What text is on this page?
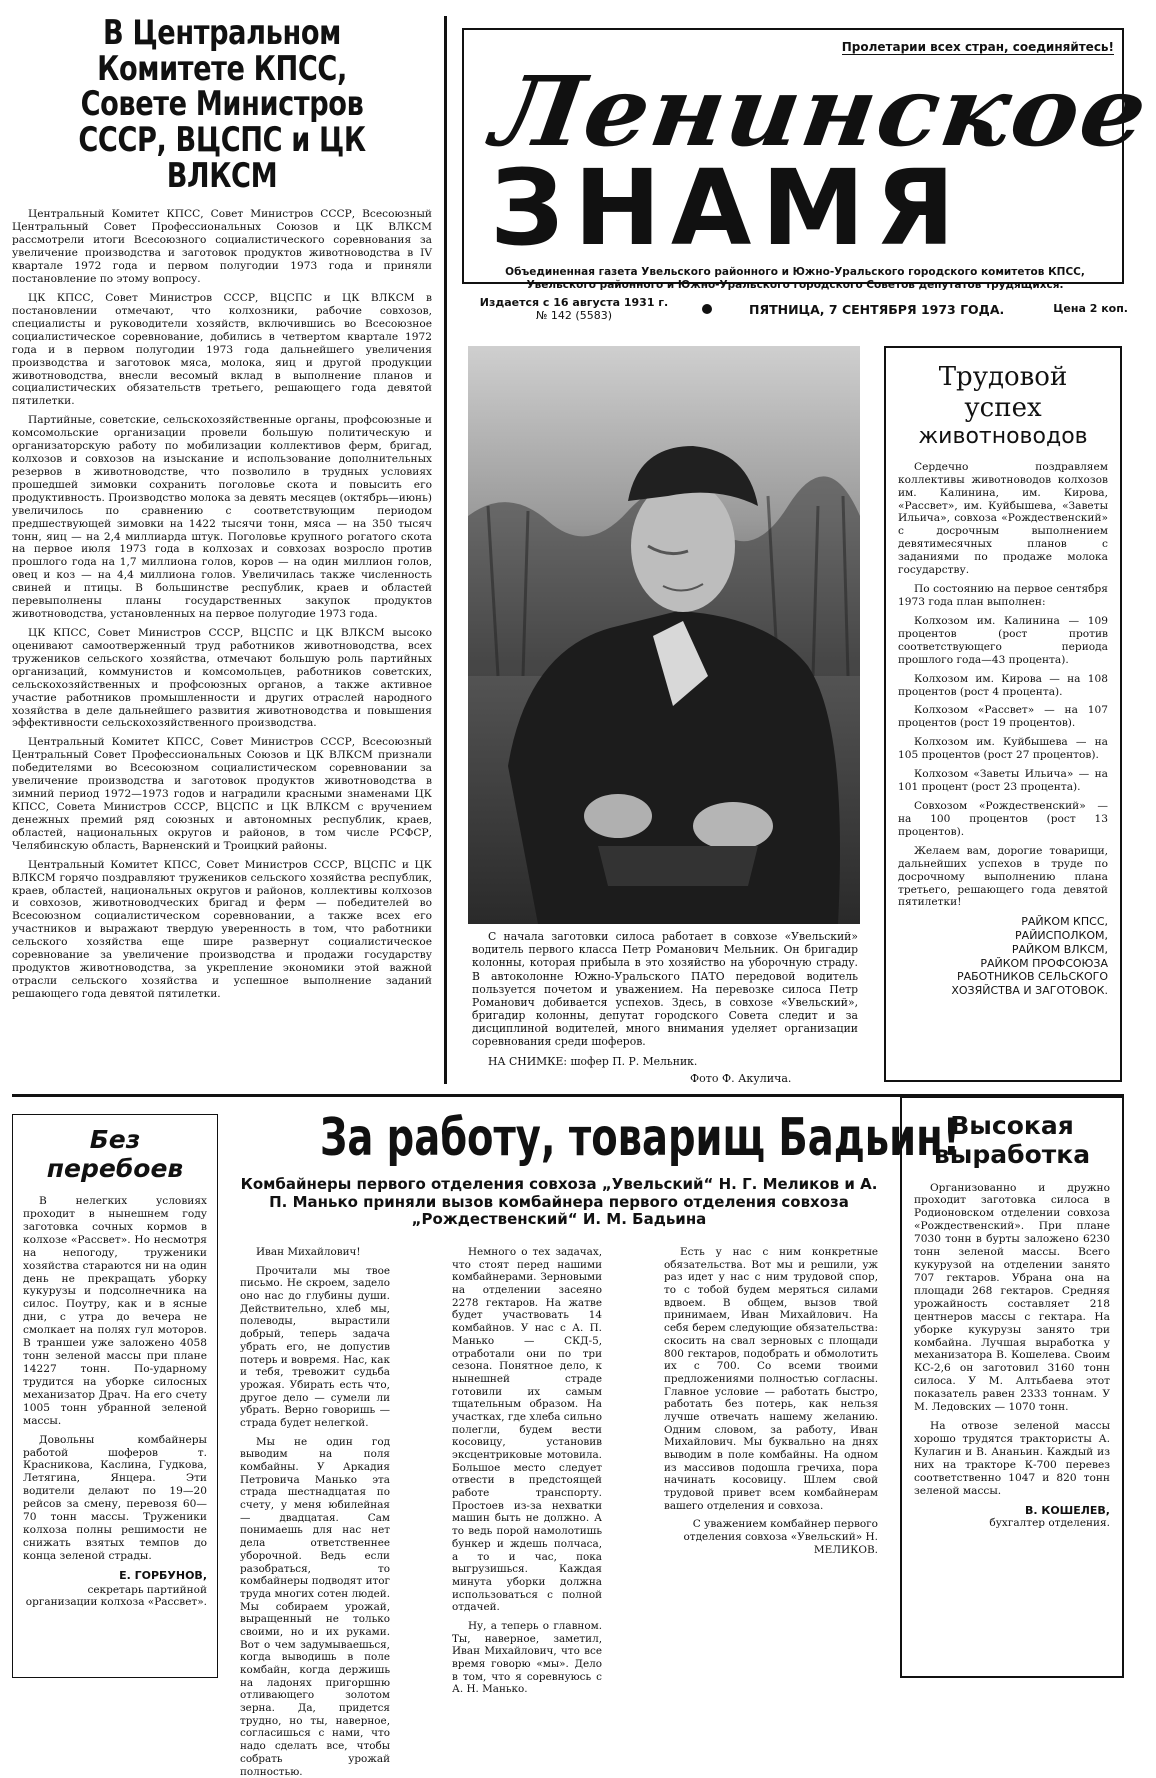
В Центральном Комитете КПСС, Совете Министров СССР, ВЦСПС и ЦК ВЛКСМ

Центральный Комитет КПСС, Совет Министров СССР, Всесоюзный Центральный Совет Профессиональных Союзов и ЦК ВЛКСМ рассмотрели итоги Всесоюзного социалистического соревнования за увеличение производства и заготовок продуктов животноводства в IV квартале 1972 года и первом полугодии 1973 года и приняли постановление по этому вопросу.

ЦК КПСС, Совет Министров СССР, ВЦСПС и ЦК ВЛКСМ в постановлении отмечают, что колхозники, рабочие совхозов, специалисты и руководители хозяйств, включившись во Всесоюзное социалистическое соревнование, добились в четвертом квартале 1972 года и в первом полугодии 1973 года дальнейшего увеличения производства и заготовок мяса, молока, яиц и другой продукции животноводства, внесли весомый вклад в выполнение планов и социалистических обязательств третьего, решающего года девятой пятилетки.

Партийные, советские, сельскохозяйственные органы, профсоюзные и комсомольские организации провели большую политическую и организаторскую работу по мобилизации коллективов ферм, бригад, колхозов и совхозов на изыскание и использование дополнительных резервов в животноводстве, что позволило в трудных условиях прошедшей зимовки сохранить поголовье скота и повысить его продуктивность. Производство молока за девять месяцев (октябрь—июнь) увеличилось по сравнению с соответствующим периодом предшествующей зимовки на 1422 тысячи тонн, мяса — на 350 тысяч тонн, яиц — на 2,4 миллиарда штук. Поголовье крупного рогатого скота на первое июля 1973 года в колхозах и совхозах возросло против прошлого года на 1,7 миллиона голов, коров — на один миллион голов, овец и коз — на 4,4 миллиона голов. Увеличилась также численность свиней и птицы. В большинстве республик, краев и областей перевыполнены планы государственных закупок продуктов животноводства, установленных на первое полугодие 1973 года.

ЦК КПСС, Совет Министров СССР, ВЦСПС и ЦК ВЛКСМ высоко оценивают самоотверженный труд работников животноводства, всех тружеников сельского хозяйства, отмечают большую роль партийных организаций, коммунистов и комсомольцев, работников советских, сельскохозяйственных и профсоюзных органов, а также активное участие работников промышленности и других отраслей народного хозяйства в деле дальнейшего развития животноводства и повышения эффективности сельскохозяйственного производства.

Центральный Комитет КПСС, Совет Министров СССР, Всесоюзный Центральный Совет Профессиональных Союзов и ЦК ВЛКСМ признали победителями во Всесоюзном социалистическом соревновании за увеличение производства и заготовок продуктов животноводства в зимний период 1972—1973 годов и наградили красными знаменами ЦК КПСС, Совета Министров СССР, ВЦСПС и ЦК ВЛКСМ с вручением денежных премий ряд союзных и автономных республик, краев, областей, национальных округов и районов, в том числе РСФСР, Челябинскую область, Варненский и Троицкий районы.

Центральный Комитет КПСС, Совет Министров СССР, ВЦСПС и ЦК ВЛКСМ горячо поздравляют тружеников сельского хозяйства республик, краев, областей, национальных округов и районов, коллективы колхозов и совхозов, животноводческих бригад и ферм — победителей во Всесоюзном социалистическом соревновании, а также всех его участников и выражают твердую уверенность в том, что работники сельского хозяйства еще шире развернут социалистическое соревнование за увеличение производства и продажи государству продуктов животноводства, за укрепление экономики этой важной отрасли сельского хозяйства и успешное выполнение заданий решающего года девятой пятилетки.

Пролетарии всех стран, соединяйтесь!
Ленинское
ЗНАМЯ
Объединенная газета Увельского районного и Южно-Уральского городского комитетов КПСС, Увельского районного и Южно-Уральского городского Советов депутатов трудящихся.
Издается с 16 августа 1931 г.
№ 142 (5583)	ПЯТНИЦА, 7 СЕНТЯБРЯ 1973 ГОДА.	Цена 2 коп.

С начала заготовки силоса работает в совхозе «Увельский» водитель первого класса Петр Романович Мельник. Он бригадир колонны, которая прибыла в это хозяйство на уборочную страду. В автоколонне Южно-Уральского ПАТО передовой водитель пользуется почетом и уважением. На перевозке силоса Петр Романович добивается успехов. Здесь, в совхозе «Увельский», бригадир колонны, депутат городского Совета следит и за дисциплиной водителей, много внимания уделяет организации соревнования среди шоферов.

НА СНИМКЕ: шофер П. Р. Мельник.

Фото Ф. Акулича.
Трудовой
успех
животноводов

Сердечно поздравляем коллективы животноводов колхозов им. Калинина, им. Кирова, «Рассвет», им. Куйбышева, «Заветы Ильича», совхоза «Рождественский» с досрочным выполнением девятимесячных планов с заданиями по продаже молока государству.

По состоянию на первое сентября 1973 года план выполнен:

Колхозом им. Калинина — 109 процентов (рост против соответствующего периода прошлого года—43 процента).

Колхозом им. Кирова — на 108 процентов (рост 4 процента).

Колхозом «Рассвет» — на 107 процентов (рост 19 процентов).

Колхозом им. Куйбышева — на 105 процентов (рост 27 процентов).

Колхозом «Заветы Ильича» — на 101 процент (рост 23 процента).

Совхозом «Рождественский» — на 100 процентов (рост 13 процентов).

Желаем вам, дорогие товарищи, дальнейших успехов в труде по досрочному выполнению плана третьего, решающего года девятой пятилетки!

РАЙКОМ КПСС,

РАЙИСПОЛКОМ,

РАЙКОМ ВЛКСМ,

РАЙКОМ ПРОФСОЮЗА

РАБОТНИКОВ СЕЛЬСКОГО

ХОЗЯЙСТВА И ЗАГОТОВОК.

Без перебоев

В нелегких условиях проходит в нынешнем году заготовка сочных кормов в колхозе «Рассвет». Но несмотря на непогоду, труженики хозяйства стараются ни на один день не прекращать уборку кукурузы и подсолнечника на силос. Поутру, как и в ясные дни, с утра до вечера не смолкает на полях гул моторов. В траншеи уже заложено 4058 тонн зеленой массы при плане 14227 тонн. По-ударному трудится на уборке силосных механизатор Драч. На его счету 1005 тонн убранной зеленой массы.

Довольны комбайнеры работой шоферов т. Красникова, Каслина, Гудкова, Летягина, Янцера. Эти водители делают по 19—20 рейсов за смену, перевозя 60—70 тонн массы. Труженики колхоза полны решимости не снижать взятых темпов до конца зеленой страды.

Е. ГОРБУНОВ,

секретарь партийной организации колхоза «Рассвет».

За работу, товарищ Бадьин!

Комбайнеры первого отделения совхоза „Увельский“ Н. Г. Меликов и А. П. Манько приняли вызов комбайнера первого отделения совхоза „Рождественский“ И. М. Бадьина

Иван Михайлович!

Прочитали мы твое письмо. Не скроем, задело оно нас до глубины души. Действительно, хлеб мы, полеводы, вырастили добрый, теперь задача убрать его, не допустив потерь и вовремя. Нас, как и тебя, тревожит судьба урожая. Убирать есть что, другое дело — сумели ли убрать. Верно говоришь — страда будет нелегкой.

Мы не один год выводим на поля комбайны. У Аркадия Петровича Манько эта страда шестнадцатая по счету, у меня юбилейная — двадцатая. Сам понимаешь для нас нет дела ответственнее уборочной. Ведь если разобраться, то комбайнеры подводят итог труда многих сотен людей. Мы собираем урожай, выращенный не только своими, но и их руками. Вот о чем задумываешься, когда выводишь в поле комбайн, когда держишь на ладонях пригоршню отливающего золотом зерна. Да, придется трудно, но ты, наверное, согласишься с нами, что надо сделать все, чтобы собрать урожай полностью.

Немного о тех задачах, что стоят перед нашими комбайнерами. Зерновыми на отделении засеяно 2278 гектаров. На жатве будет участвовать 14 комбайнов. У нас с А. П. Манько — СКД-5, отработали они по три сезона. Понятное дело, к нынешней страде готовили их самым тщательным образом. На участках, где хлеба сильно полегли, будем вести косовицу, установив эксцентриковые мотовила. Большое место следует отвести в предстоящей работе транспорту. Простоев из-за нехватки машин быть не должно. А то ведь порой намолотишь бункер и ждешь полчаса, а то и час, пока выгрузишься. Каждая минута уборки должна использоваться с полной отдачей.

Ну, а теперь о главном. Ты, наверное, заметил, Иван Михайлович, что все время говорю «мы». Дело в том, что я соревнуюсь с А. Н. Манько.

Есть у нас с ним конкретные обязательства. Вот мы и решили, уж раз идет у нас с ним трудовой спор, то с тобой будем меряться силами вдвоем. В общем, вызов твой принимаем, Иван Михайлович. На себя берем следующие обязательства: скосить на свал зерновых с площади 800 гектаров, подобрать и обмолотить их с 700. Со всеми твоими предложениями полностью согласны. Главное условие — работать быстро, работать без потерь, как нельзя лучше отвечать нашему желанию. Одним словом, за работу, Иван Михайлович. Мы буквально на днях выводим в поле комбайны. На одном из массивов подошла гречиха, пора начинать косовицу. Шлем свой трудовой привет всем комбайнерам вашего отделения и совхоза.

С уважением комбайнер первого отделения совхоза «Увельский» Н. МЕЛИКОВ.

Высокая
выработка

Организованно и дружно проходит заготовка силоса в Родионовском отделении совхоза «Рождественский». При плане 7030 тонн в бурты заложено 6230 тонн зеленой массы. Всего кукурузой на отделении занято 707 гектаров. Убрана она на площади 268 гектаров. Средняя урожайность составляет 218 центнеров массы с гектара. На уборке кукурузы занято три комбайна. Лучшая выработка у механизатора В. Кошелева. Своим КС-2,6 он заготовил 3160 тонн силоса. У М. Алтьбаева этот показатель равен 2333 тоннам. У М. Ледовских — 1070 тонн.

На отвозе зеленой массы хорошо трудятся трактористы А. Кулагин и В. Ананьин. Каждый из них на тракторе К-700 перевез соответственно 1047 и 820 тонн зеленой массы.

В. КОШЕЛЕВ,

бухгалтер отделения.
